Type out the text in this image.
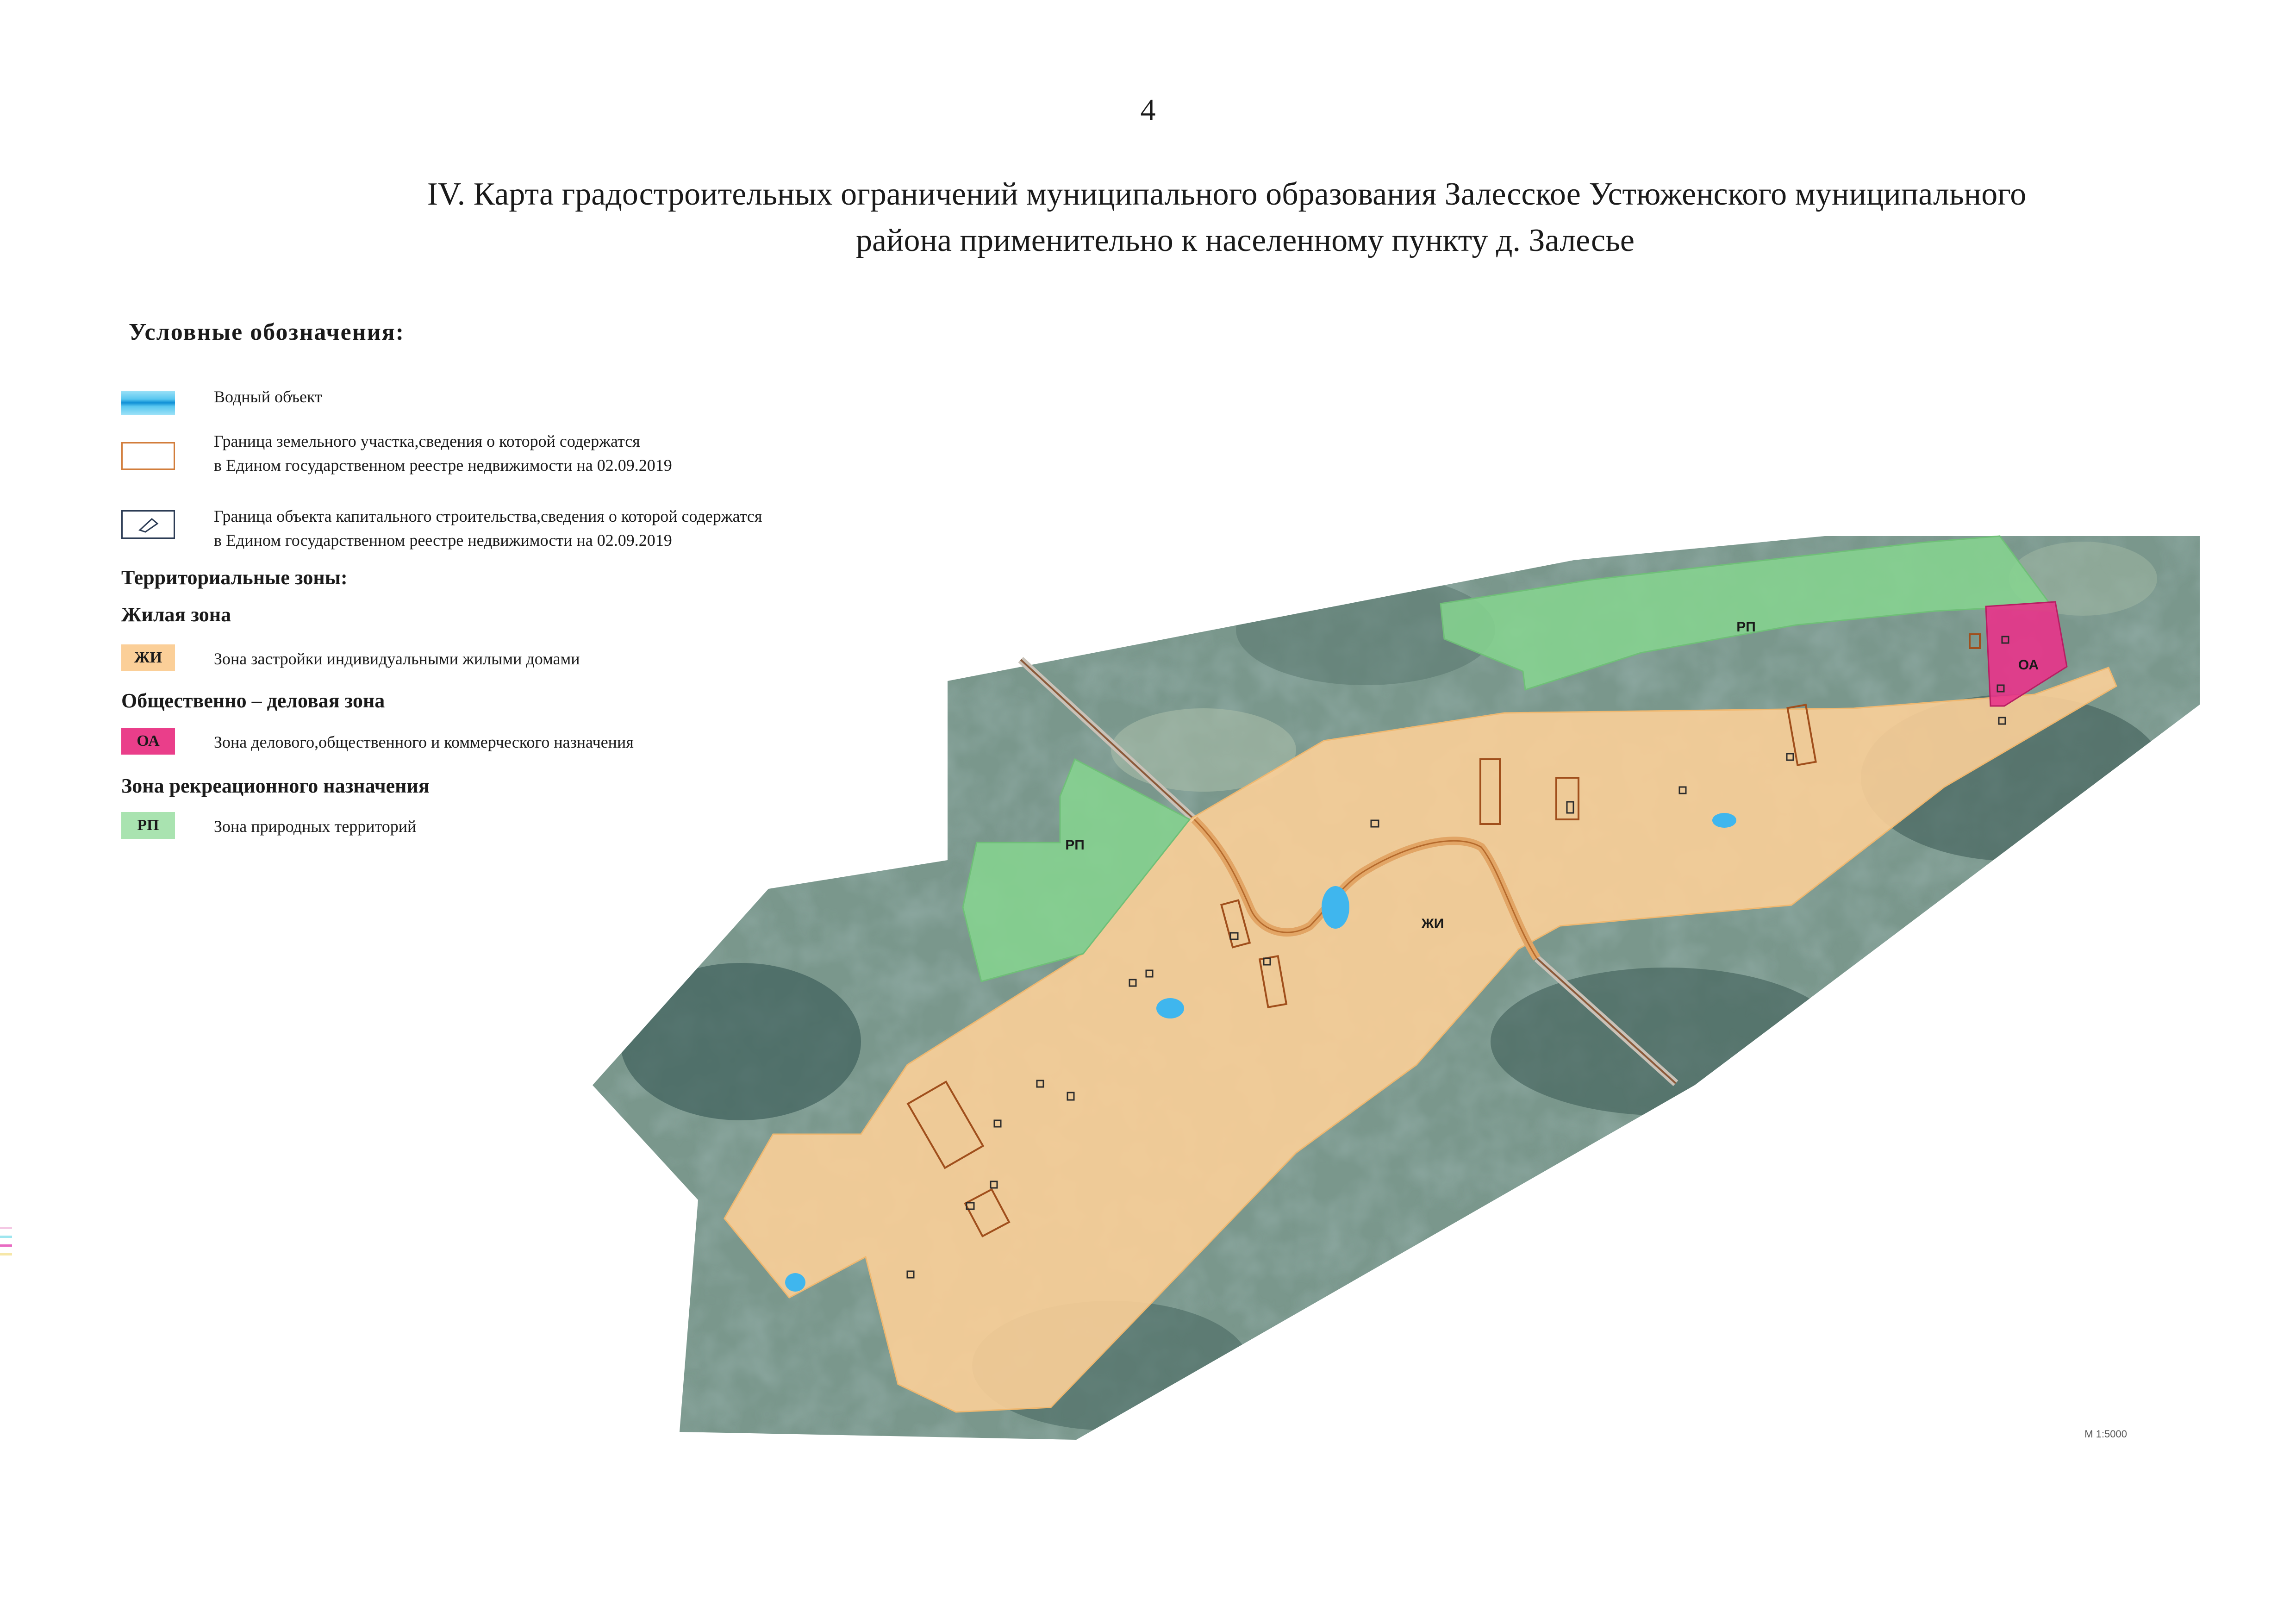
4
IV. Карта градостроительных ограничений муниципального образования Залесское Устюженского муниципального
района применительно к населенному пункту д. Залесье
Условные обозначения:
Водный объект
Граница земельного участка,сведения о которой содержатся
в Едином государственном реестре недвижимости на 02.09.2019
Граница объекта капитального строительства,сведения о которой содержатся
в Едином государственном реестре недвижимости на 02.09.2019
Территориальные зоны:
Жилая зона
ЖИ	Зона застройки индивидуальными жилыми домами
Общественно – деловая зона
ОА	Зона делового,общественного и коммерческого назначения
Зона рекреационного назначения
РП	Зона природных территорий
РП
РП
ОА
ЖИ
М 1:5000
